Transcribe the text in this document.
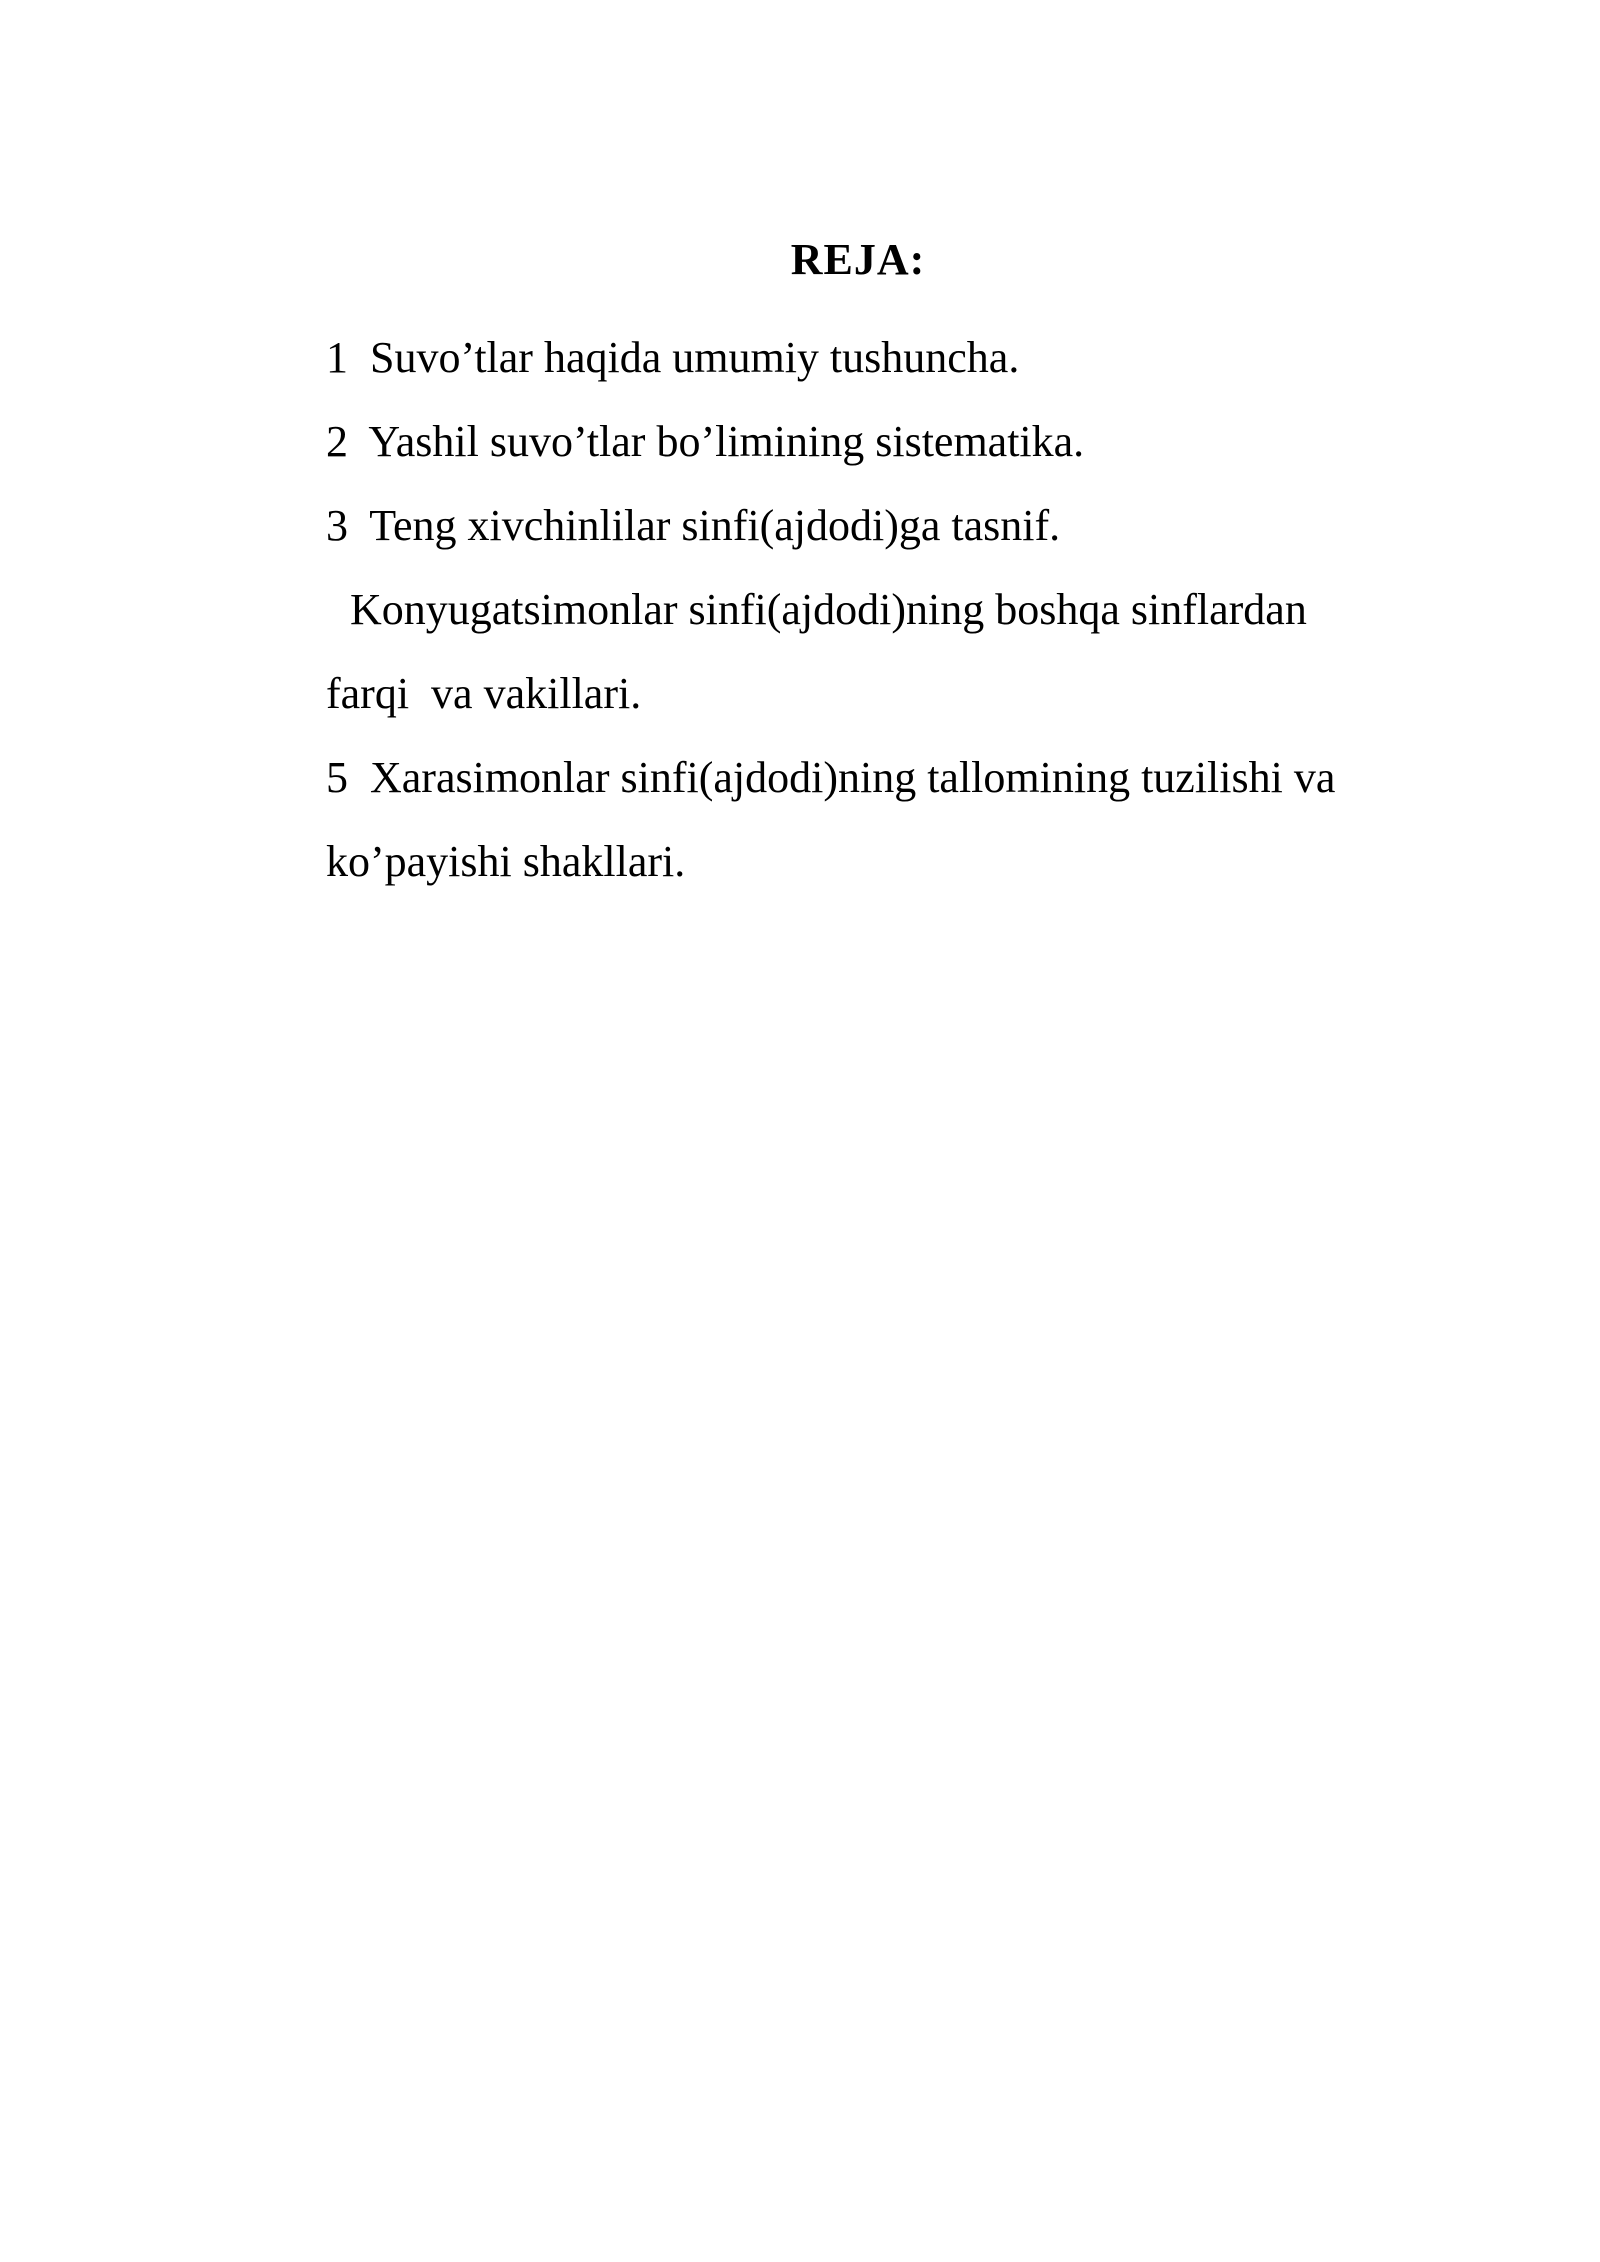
REJA:
1  Suvo’tlar haqida umumiy tushuncha.
2  Yashil suvo’tlar bo’limining sistematika.
3  Teng xivchinlilar sinfi(ajdodi)ga tasnif.
Konyugatsimonlar sinfi(ajdodi)ning boshqa sinflardan
farqi  va vakillari.
5  Xarasimonlar sinfi(ajdodi)ning tallomining tuzilishi va
ko’payishi shakllari.
